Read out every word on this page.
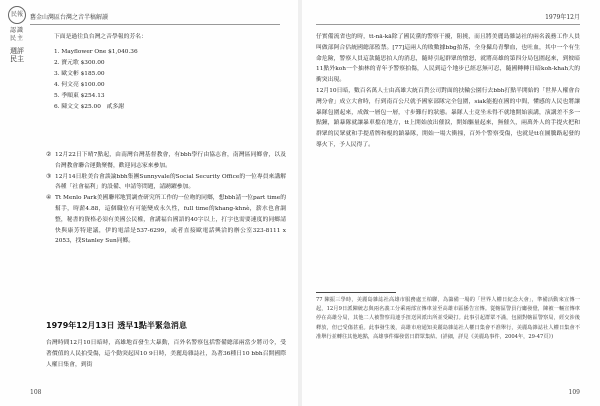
民報
認識民主
週評民主
舊金山灣區台灣之音半稿解讀

下面是過往負台灣之音學報的芳名：

1. Mayflower One $1,040.36
2. 寶元歌 $300.00
3. 歐文彬 $185.00
4. 何文亮 $100.00
5. 季順東 $254.13
6. 陳文文 $25.00　貳多謝
② 12月22日下晴7點起，由南灣台灣基督教會，有bbh學行由協志會，南灣區同鄉會，以及台灣教會聯合運動聚餐，歡迎同志家來參加。

③ 12月14日駐美台會談論bbh集團Sunnyvale的Social Security Office的一位專員來講解各種「社會福利」的設備、申請等問題，請踴躍參加。

④ Tt Menlo Park美國聯邦地質調查研究所工作的一位吻的同鄉，想bbh請一位part time的幫手，時薪4.88，這個職位有可能變成永久性，full time的khang-khnè，薪水也會調整，秘書的資格必須有美國公民權，會講福台國語的40字以上，打字也需要速度的同鄉請快與康芳特建議，伊的電話是537-6299，或者直接歐電話興洽的辦公室323-8111 x 2053，找Stanley Sun同鄉。

1979年12月13日 透早1點半緊急消息

台灣時間12月10日暗時，高雄地首發生大暴動，百外名警察包括警備總部兩當少將司令，受著價值的人民拍受傷，這个動突起因10 9日時，美麗島雜誌社，為著36種日10 bbh召開國際人權日集會，到街

108
1979年12月

仔實備流省也的時，tt-nā-kā除了國民黨的警察干擾，阻撓，而且將美麗島雜誌社的兩名義務工作人員叫做部阿合估統國總部監禁。[77]這兩人的敗數據bbg拍落，全身攝烏青擊血，也吐血，其中一个有生命危險，警察人員這款隨思拍人的消息，隨時引起群眾的憤怒，就將高雄的第四分局包圍起來，到彼暗11點外koh一个抽林的青年予警察拍傷，人民到這个地步已經忍無可忍，隨國轉轉日暗koh-khah大的衝突出現。

12月10日暗，數百名萬人士由高雄大統百貨公司對面的扶輪公園行去bbh打點半開始的「世界人權會台灣分會」成立大會時，行到南百公尺就予國家部隊完全包圍，siak能抱在國的中間，懂感的人民也將讓暴隊包圍起來，成做一層包一層，寸步難行的狀態。暴隊人士竟坐未得不就地開始演講，演講差不多一點鐘，鎮暴隊就讓暴車擋在地方，tt上開始放出催淚，開始驅量起來，無催久，兩萬外人的手提火把和群眾的民眾就和手提盾牌和棍的鎮暴隊，開始一場大衝撞，百外个警察受傷，也就是tt在圖騰路起發的導火下，予人民得了。

77 陳振三學時，美麗島雜誌社高雄市服務處王柏聯，為籌備一場的「世界人權日紀念大會」，準備活動來宣傳一起，12月9日派陳統志與兩名義工分乘兩部宣傳車並至高雄市區播告宣傳。從轄區警員行廳發覺，陳被一輛宣傳車停在高雄分局，其他二人被警察局連手扭送回派出所並受毆打。此事引起群眾不滿，包圍對轄區警察局，經交涉後釋放，但已受傷甚重。此事發生後，高雄市府通知美麗島雜誌社人權日集會不准舉行，美麗島雜誌社人權日集會不准舉行並轉往其他地點，高雄事件爆發當日群眾集結。(詳細，詳見《美麗島事件，2004年，29-47頁》)

109
